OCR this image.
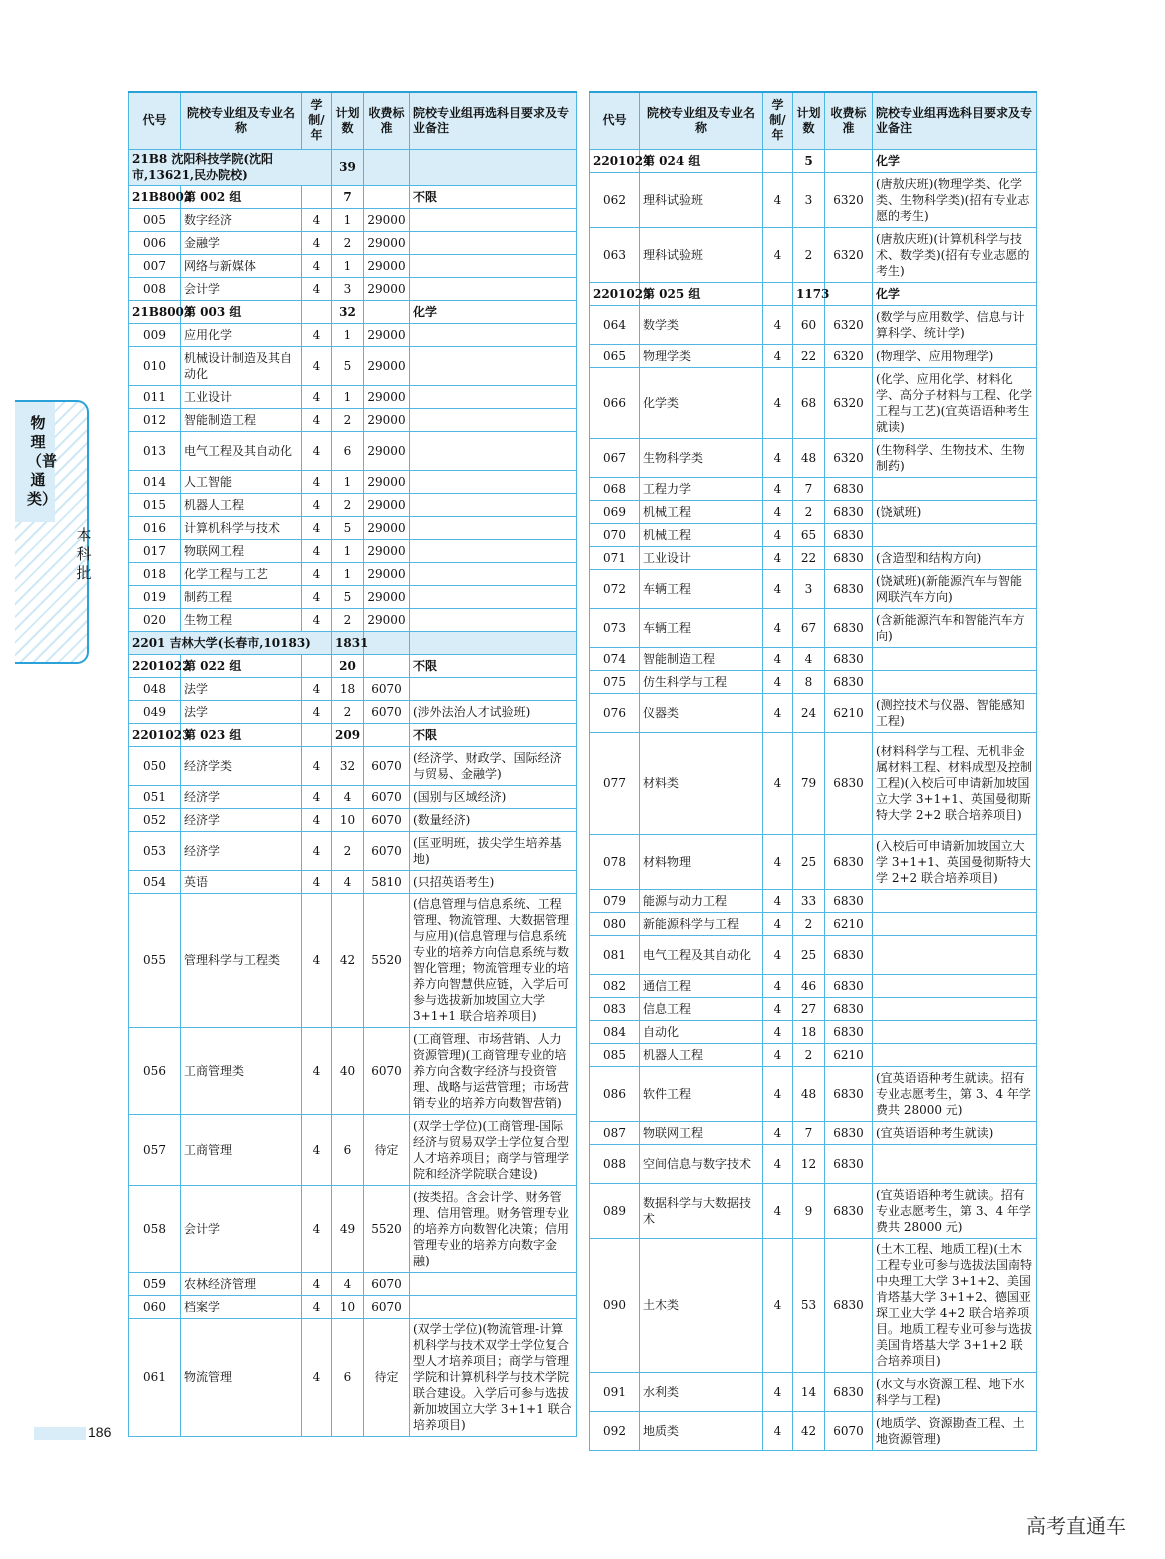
物理（普通类）
本科批
代号	院校专业组及专业名称	学制/年	计划数	收费标准	院校专业组再选科目要求及专业备注
21B8 沈阳科技学院(沈阳市,13621,民办院校)			39		
21B8002	第 002 组		7		不限
005	数字经济	4	1	29000	
006	金融学	4	2	29000	
007	网络与新媒体	4	1	29000	
008	会计学	4	3	29000	
21B8003	第 003 组		32		化学
009	应用化学	4	1	29000	
010	机械设计制造及其自动化	4	5	29000	
011	工业设计	4	1	29000	
012	智能制造工程	4	2	29000	
013	电气工程及其自动化	4	6	29000	
014	人工智能	4	1	29000	
015	机器人工程	4	2	29000	
016	计算机科学与技术	4	5	29000	
017	物联网工程	4	1	29000	
018	化学工程与工艺	4	1	29000	
019	制药工程	4	5	29000	
020	生物工程	4	2	29000	
2201 吉林大学(长春市,10183)			1831		
2201022	第 022 组		20		不限
048	法学	4	18	6070	
049	法学	4	2	6070	(涉外法治人才试验班)
2201023	第 023 组		209		不限
050	经济学类	4	32	6070	(经济学、财政学、国际经济与贸易、金融学)
051	经济学	4	4	6070	(国别与区域经济)
052	经济学	4	10	6070	(数量经济)
053	经济学	4	2	6070	(匡亚明班，拔尖学生培养基地)
054	英语	4	4	5810	(只招英语考生)
055	管理科学与工程类	4	42	5520	(信息管理与信息系统、工程管理、物流管理、大数据管理与应用)(信息管理与信息系统专业的培养方向信息系统与数智化管理；物流管理专业的培养方向智慧供应链，入学后可参与选拔新加坡国立大学 3+1+1 联合培养项目)
056	工商管理类	4	40	6070	(工商管理、市场营销、人力资源管理)(工商管理专业的培养方向含数字经济与投资管理、战略与运营管理；市场营销专业的培养方向数智营销)
057	工商管理	4	6	待定	(双学士学位)(工商管理-国际经济与贸易双学士学位复合型人才培养项目；商学与管理学院和经济学院联合建设)
058	会计学	4	49	5520	(按类招。含会计学、财务管理、信用管理。财务管理专业的培养方向数智化决策；信用管理专业的培养方向数字金融)
059	农林经济管理	4	4	6070	
060	档案学	4	10	6070	
061	物流管理	4	6	待定	(双学士学位)(物流管理-计算机科学与技术双学士学位复合型人才培养项目；商学与管理学院和计算机科学与技术学院联合建设。入学后可参与选拔新加坡国立大学 3+1+1 联合培养项目)
代号	院校专业组及专业名称	学制/年	计划数	收费标准	院校专业组再选科目要求及专业备注
2201024	第 024 组		5		化学
062	理科试验班	4	3	6320	(唐敖庆班)(物理学类、化学类、生物科学类)(招有专业志愿的考生)
063	理科试验班	4	2	6320	(唐敖庆班)(计算机科学与技术、数学类)(招有专业志愿的考生)
2201025	第 025 组		1173		化学
064	数学类	4	60	6320	(数学与应用数学、信息与计算科学、统计学)
065	物理学类	4	22	6320	(物理学、应用物理学)
066	化学类	4	68	6320	(化学、应用化学、材料化学、高分子材料与工程、化学工程与工艺)(宜英语语种考生就读)
067	生物科学类	4	48	6320	(生物科学、生物技术、生物制药)
068	工程力学	4	7	6830	
069	机械工程	4	2	6830	(饶斌班)
070	机械工程	4	65	6830	
071	工业设计	4	22	6830	(含造型和结构方向)
072	车辆工程	4	3	6830	(饶斌班)(新能源汽车与智能网联汽车方向)
073	车辆工程	4	67	6830	(含新能源汽车和智能汽车方向)
074	智能制造工程	4	4	6830	
075	仿生科学与工程	4	8	6830	
076	仪器类	4	24	6210	(测控技术与仪器、智能感知工程)
077	材料类	4	79	6830	(材料科学与工程、无机非金属材料工程、材料成型及控制工程)(入校后可申请新加坡国立大学 3+1+1、英国曼彻斯特大学 2+2 联合培养项目)
078	材料物理	4	25	6830	(入校后可申请新加坡国立大学 3+1+1、英国曼彻斯特大学 2+2 联合培养项目)
079	能源与动力工程	4	33	6830	
080	新能源科学与工程	4	2	6210	
081	电气工程及其自动化	4	25	6830	
082	通信工程	4	46	6830	
083	信息工程	4	27	6830	
084	自动化	4	18	6830	
085	机器人工程	4	2	6210	
086	软件工程	4	48	6830	(宜英语语种考生就读。招有专业志愿考生，第 3、4 年学费共 28000 元)
087	物联网工程	4	7	6830	(宜英语语种考生就读)
088	空间信息与数字技术	4	12	6830	
089	数据科学与大数据技术	4	9	6830	(宜英语语种考生就读。招有专业志愿考生，第 3、4 年学费共 28000 元)
090	土木类	4	53	6830	(土木工程、地质工程)(土木工程专业可参与选拔法国南特中央理工大学 3+1+2、美国肯塔基大学 3+1+2、德国亚琛工业大学 4+2 联合培养项目。地质工程专业可参与选拔美国肯塔基大学 3+1+2 联合培养项目)
091	水利类	4	14	6830	(水文与水资源工程、地下水科学与工程)
092	地质类	4	42	6070	(地质学、资源勘查工程、土地资源管理)
186
高考直通车
